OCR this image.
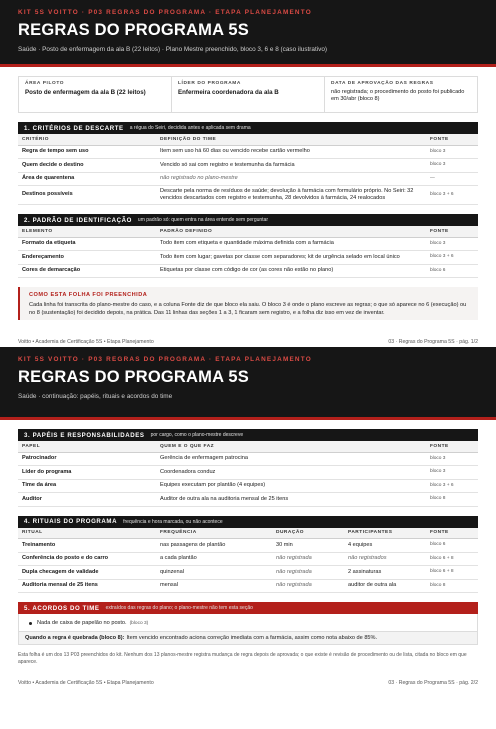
KIT 5S VOITTO · P03 REGRAS DO PROGRAMA · ETAPA PLANEJAMENTO
REGRAS DO PROGRAMA 5S
Saúde · Posto de enfermagem da ala B (22 leitos) · Plano Mestre preenchido, bloco 3, 6 e 8 (caso ilustrativo)
ÁREA PILOTO
Posto de enfermagem da ala B (22 leitos)
LÍDER DO PROGRAMA
Enfermeira coordenadora da ala B
DATA DE APROVAÇÃO DAS REGRAS
não registrada; o procedimento do posto foi publicado em 30/abr (bloco 8)
1. CRITÉRIOS DE DESCARTE a régua do Seiri, decidida antes e aplicada sem drama
CRITÉRIO	DEFINIÇÃO DO TIME	FONTE
Regra de tempo sem uso	Item sem uso há 60 dias ou vencido recebe cartão vermelho	bloco 3
Quem decide o destino	Vencido só sai com registro e testemunha da farmácia	bloco 3
Área de quarentena	não registrado no plano-mestre	—
Destinos possíveis	Descarte pela norma de resíduos de saúde; devolução à farmácia com formulário próprio. No Seiri: 32 vencidos descartados com registro e testemunha, 28 devolvidos à farmácia, 24 realocados	bloco 3 + 6
2. PADRÃO DE IDENTIFICAÇÃO um padrão só: quem entra na área entende sem perguntar
ELEMENTO	PADRÃO DEFINIDO	FONTE
Formato da etiqueta	Todo item com etiqueta e quantidade máxima definida com a farmácia	bloco 3
Endereçamento	Todo item com lugar; gavetas por classe com separadores; kit de urgência selado em local único	bloco 3 + 6
Cores de demarcação	Etiquetas por classe com código de cor (as cores não estão no plano)	bloco 6
COMO ESTA FOLHA FOI PREENCHIDA
Cada linha foi transcrita do plano-mestre do caso, e a coluna Fonte diz de que bloco ela saiu. O bloco 3 é onde o plano escreve as regras; o que só aparece no 6 (execução) ou no 8 (sustentação) foi decidido depois, na prática. Das 11 linhas das seções 1 a 3, 1 ficaram sem registro, e a folha diz isso em vez de inventar.
Voitto • Academia de Certificação 5S • Etapa Planejamento	03 · Regras do Programa 5S · pág. 1/2
KIT 5S VOITTO · P03 REGRAS DO PROGRAMA · ETAPA PLANEJAMENTO
REGRAS DO PROGRAMA 5S
Saúde · continuação: papéis, rituais e acordos do time
3. PAPÉIS E RESPONSABILIDADES por cargo, como o plano-mestre descreve
PAPEL	QUEM E O QUE FAZ	FONTE
Patrocinador	Gerência de enfermagem patrocina	bloco 3
Líder do programa	Coordenadora conduz	bloco 3
Time da área	Equipes executam por plantão (4 equipes)	bloco 3 + 6
Auditor	Auditor de outra ala na auditoria mensal de 25 itens	bloco 8
4. RITUAIS DO PROGRAMA frequência e hora marcada, ou não acontece
RITUAL	FREQUÊNCIA	DURAÇÃO	PARTICIPANTES	FONTE
Treinamento	nas passagens de plantão	30 min	4 equipes	bloco 6
Conferência do posto e do carro	a cada plantão	não registrada	não registrados	bloco 6 + 8
Dupla checagem de validade	quinzenal	não registrada	2 assinaturas	bloco 6 + 8
Auditoria mensal de 25 itens	mensal	não registrada	auditor de outra ala	bloco 8
5. ACORDOS DO TIME extraídos das regras do plano; o plano-mestre não tem esta seção
Nada de caixa de papelão no posto. (bloco 3)
Quando a regra é quebrada (bloco 8): Item vencido encontrado aciona correção imediata com a farmácia, assim como nota abaixo de 85%.
Esta folha é um dos 13 P03 preenchidos do kit. Nenhum dos 13 planos-mestre registra mudança de regra depois de aprovada; o que existe é revisão de procedimento ou de lista, citada no bloco em que aparece.
Voitto • Academia de Certificação 5S • Etapa Planejamento	03 · Regras do Programa 5S · pág. 2/2
